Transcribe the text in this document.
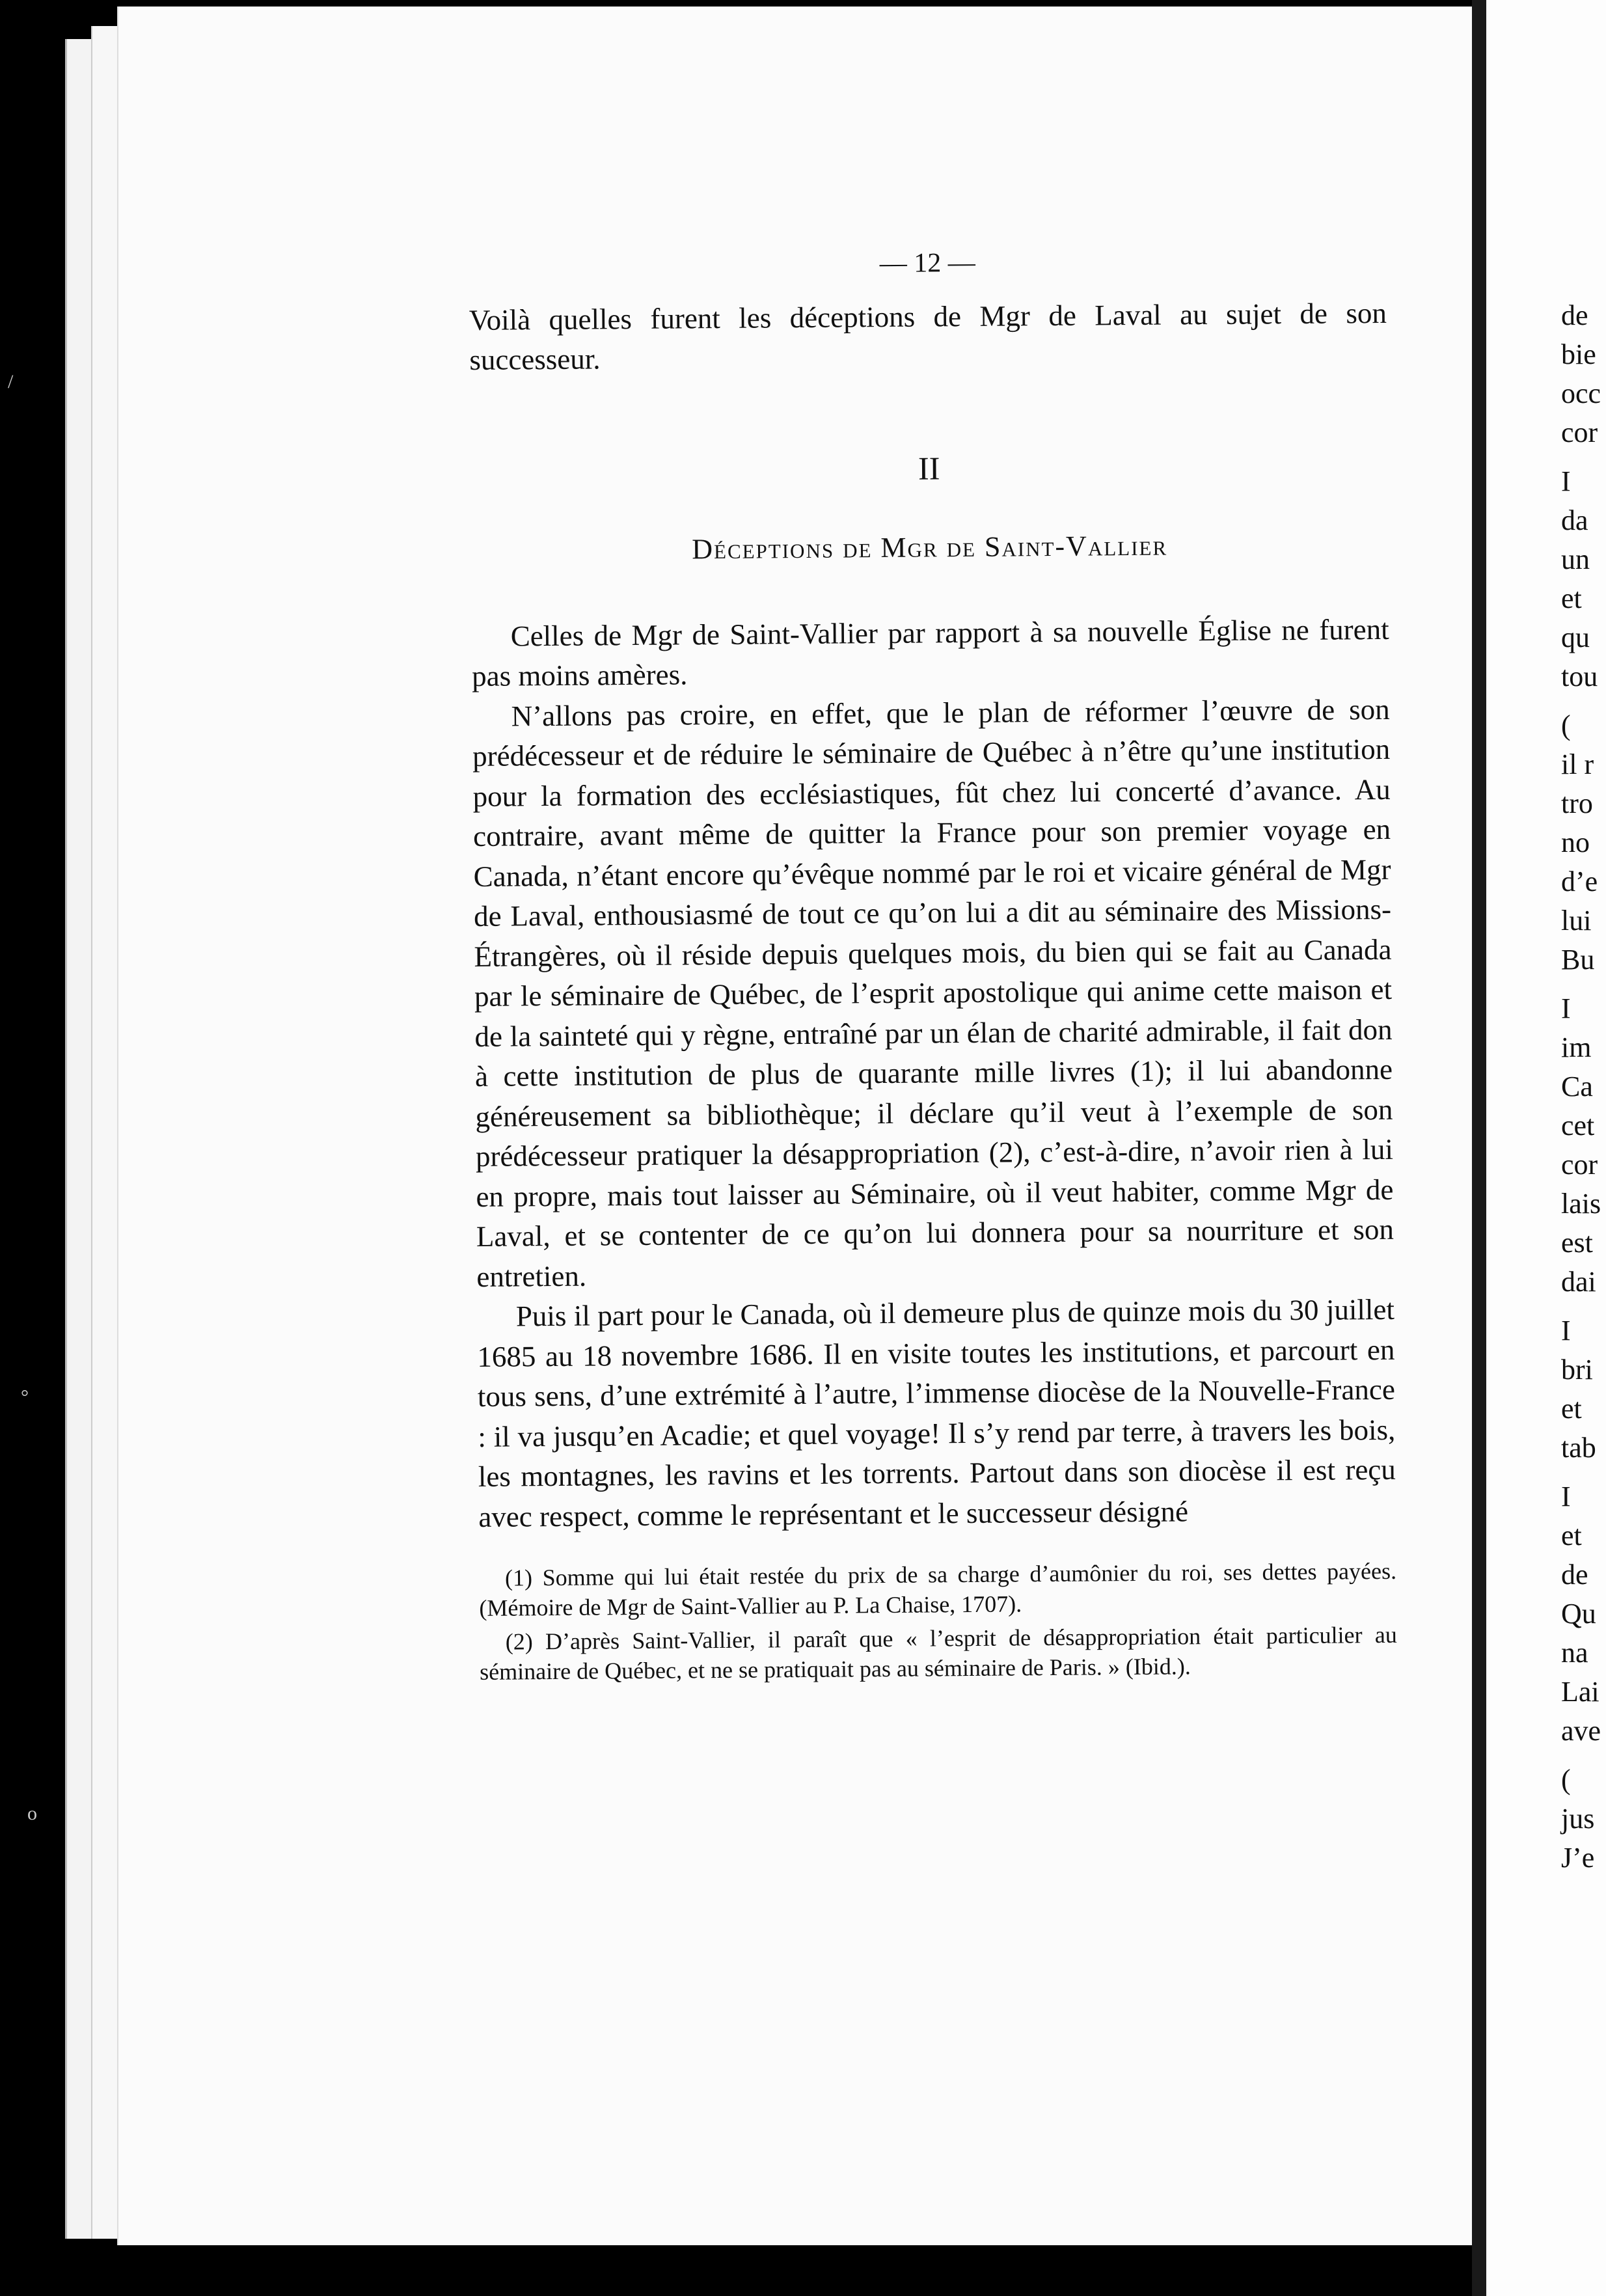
/
°
o
— 12 —

Voilà quelles furent les déceptions de Mgr de Laval au sujet de son successeur.

II
Déceptions de Mgr de Saint-Vallier

Celles de Mgr de Saint-Vallier par rapport à sa nouvelle Église ne furent pas moins amères.

N’allons pas croire, en effet, que le plan de réformer l’œuvre de son prédécesseur et de réduire le séminaire de Québec à n’être qu’une institution pour la formation des ecclésiastiques, fût chez lui concerté d’avance. Au contraire, avant même de quitter la France pour son premier voyage en Canada, n’étant encore qu’évêque nommé par le roi et vicaire général de Mgr de Laval, enthousiasmé de tout ce qu’on lui a dit au séminaire des Missions-Étrangères, où il réside depuis quelques mois, du bien qui se fait au Canada par le séminaire de Québec, de l’esprit apostolique qui anime cette maison et de la sainteté qui y règne, entraîné par un élan de charité admirable, il fait don à cette institution de plus de quarante mille livres (1); il lui abandonne généreusement sa bibliothèque; il déclare qu’il veut à l’exemple de son prédécesseur pratiquer la désappropriation (2), c’est-à-dire, n’avoir rien à lui en propre, mais tout laisser au Séminaire, où il veut habiter, comme Mgr de Laval, et se contenter de ce qu’on lui donnera pour sa nourriture et son entretien.

Puis il part pour le Canada, où il demeure plus de quinze mois du 30 juillet 1685 au 18 novembre 1686. Il en visite toutes les institutions, et parcourt en tous sens, d’une extrémité à l’autre, l’immense diocèse de la Nouvelle-France : il va jusqu’en Acadie; et quel voyage! Il s’y rend par terre, à travers les bois, les montagnes, les ravins et les torrents. Partout dans son diocèse il est reçu avec respect, comme le représentant et le successeur désigné

(1) Somme qui lui était restée du prix de sa charge d’aumônier du roi, ses dettes payées. (Mémoire de Mgr de Saint-Vallier au P. La Chaise, 1707).

(2) D’après Saint-Vallier, il paraît que « l’esprit de désappropriation était particulier au séminaire de Québec, et ne se pratiquait pas au séminaire de Paris. » (Ibid.).

de
bie
occ
cor
I
da
un
et
qu
tou
(
il r
tro
no
d’e
lui
Bu
I
im
Ca
cet
cor
lais
est
dai
I
bri
et
tab
I
et
de
Qu
na
Lai
ave
(
jus
J’e
